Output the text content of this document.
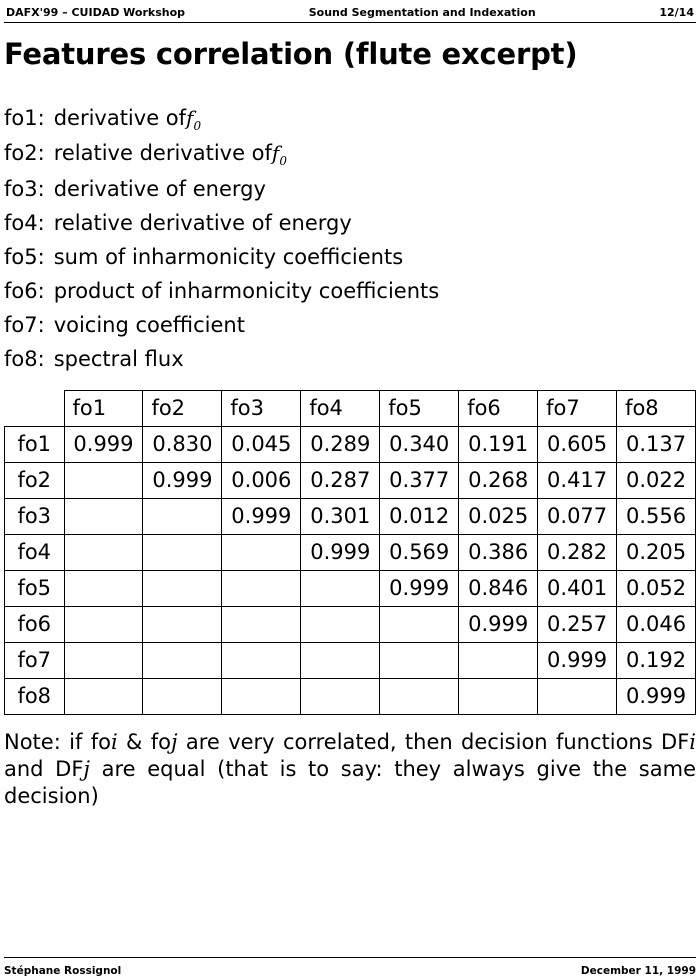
DAFX'99 – CUIDAD Workshop	Sound Segmentation and Indexation	12/14
Features correlation (flute excerpt)
fo1: derivative of $f_0$
fo2: relative derivative of $f_0$
fo3: derivative of energy
fo4: relative derivative of energy
fo5: sum of inharmonicity coefficients
fo6: product of inharmonicity coefficients
fo7: voicing coefficient
fo8: spectral flux
	fo1	fo2	fo3	fo4	fo5	fo6	fo7	fo8
fo1	0.999	0.830	0.045	0.289	0.340	0.191	0.605	0.137
fo2		0.999	0.006	0.287	0.377	0.268	0.417	0.022
fo3			0.999	0.301	0.012	0.025	0.077	0.556
fo4				0.999	0.569	0.386	0.282	0.205
fo5					0.999	0.846	0.401	0.052
fo6						0.999	0.257	0.046
fo7							0.999	0.192
fo8								0.999
Note: if foi & foj are very correlated, then decision functions DFi and DFj are equal (that is to say: they always give the same decision)
Stéphane Rossignol	December 11, 1999
